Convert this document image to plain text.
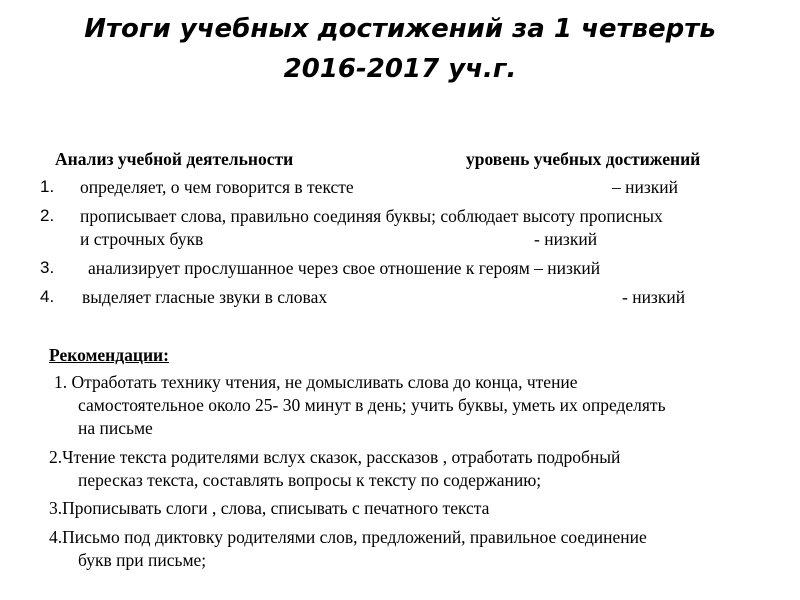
Итоги учебных достижений за 1 четверть
2016-2017 уч.г.
Анализ учебной деятельности	уровень учебных достижений
1. определяет, о чем говорится в тексте	– низкий
2. прописывает слова, правильно соединяя буквы; соблюдает высоту прописных
и строчных букв	- низкий
3. анализирует прослушанное через свое отношение к героям – низкий
4. выделяет гласные звуки в словах	- низкий
Рекомендации:
1. Отработать технику чтения, не домысливать слова до конца, чтение
самостоятельное около 25- 30 минут в день; учить буквы, уметь их определять
на письме
2.Чтение текста родителями вслух сказок, рассказов , отработать подробный
пересказ текста, составлять вопросы к тексту по содержанию;
3.Прописывать слоги , слова, списывать с печатного текста
4.Письмо под диктовку родителями слов, предложений, правильное соединение
букв при письме;
